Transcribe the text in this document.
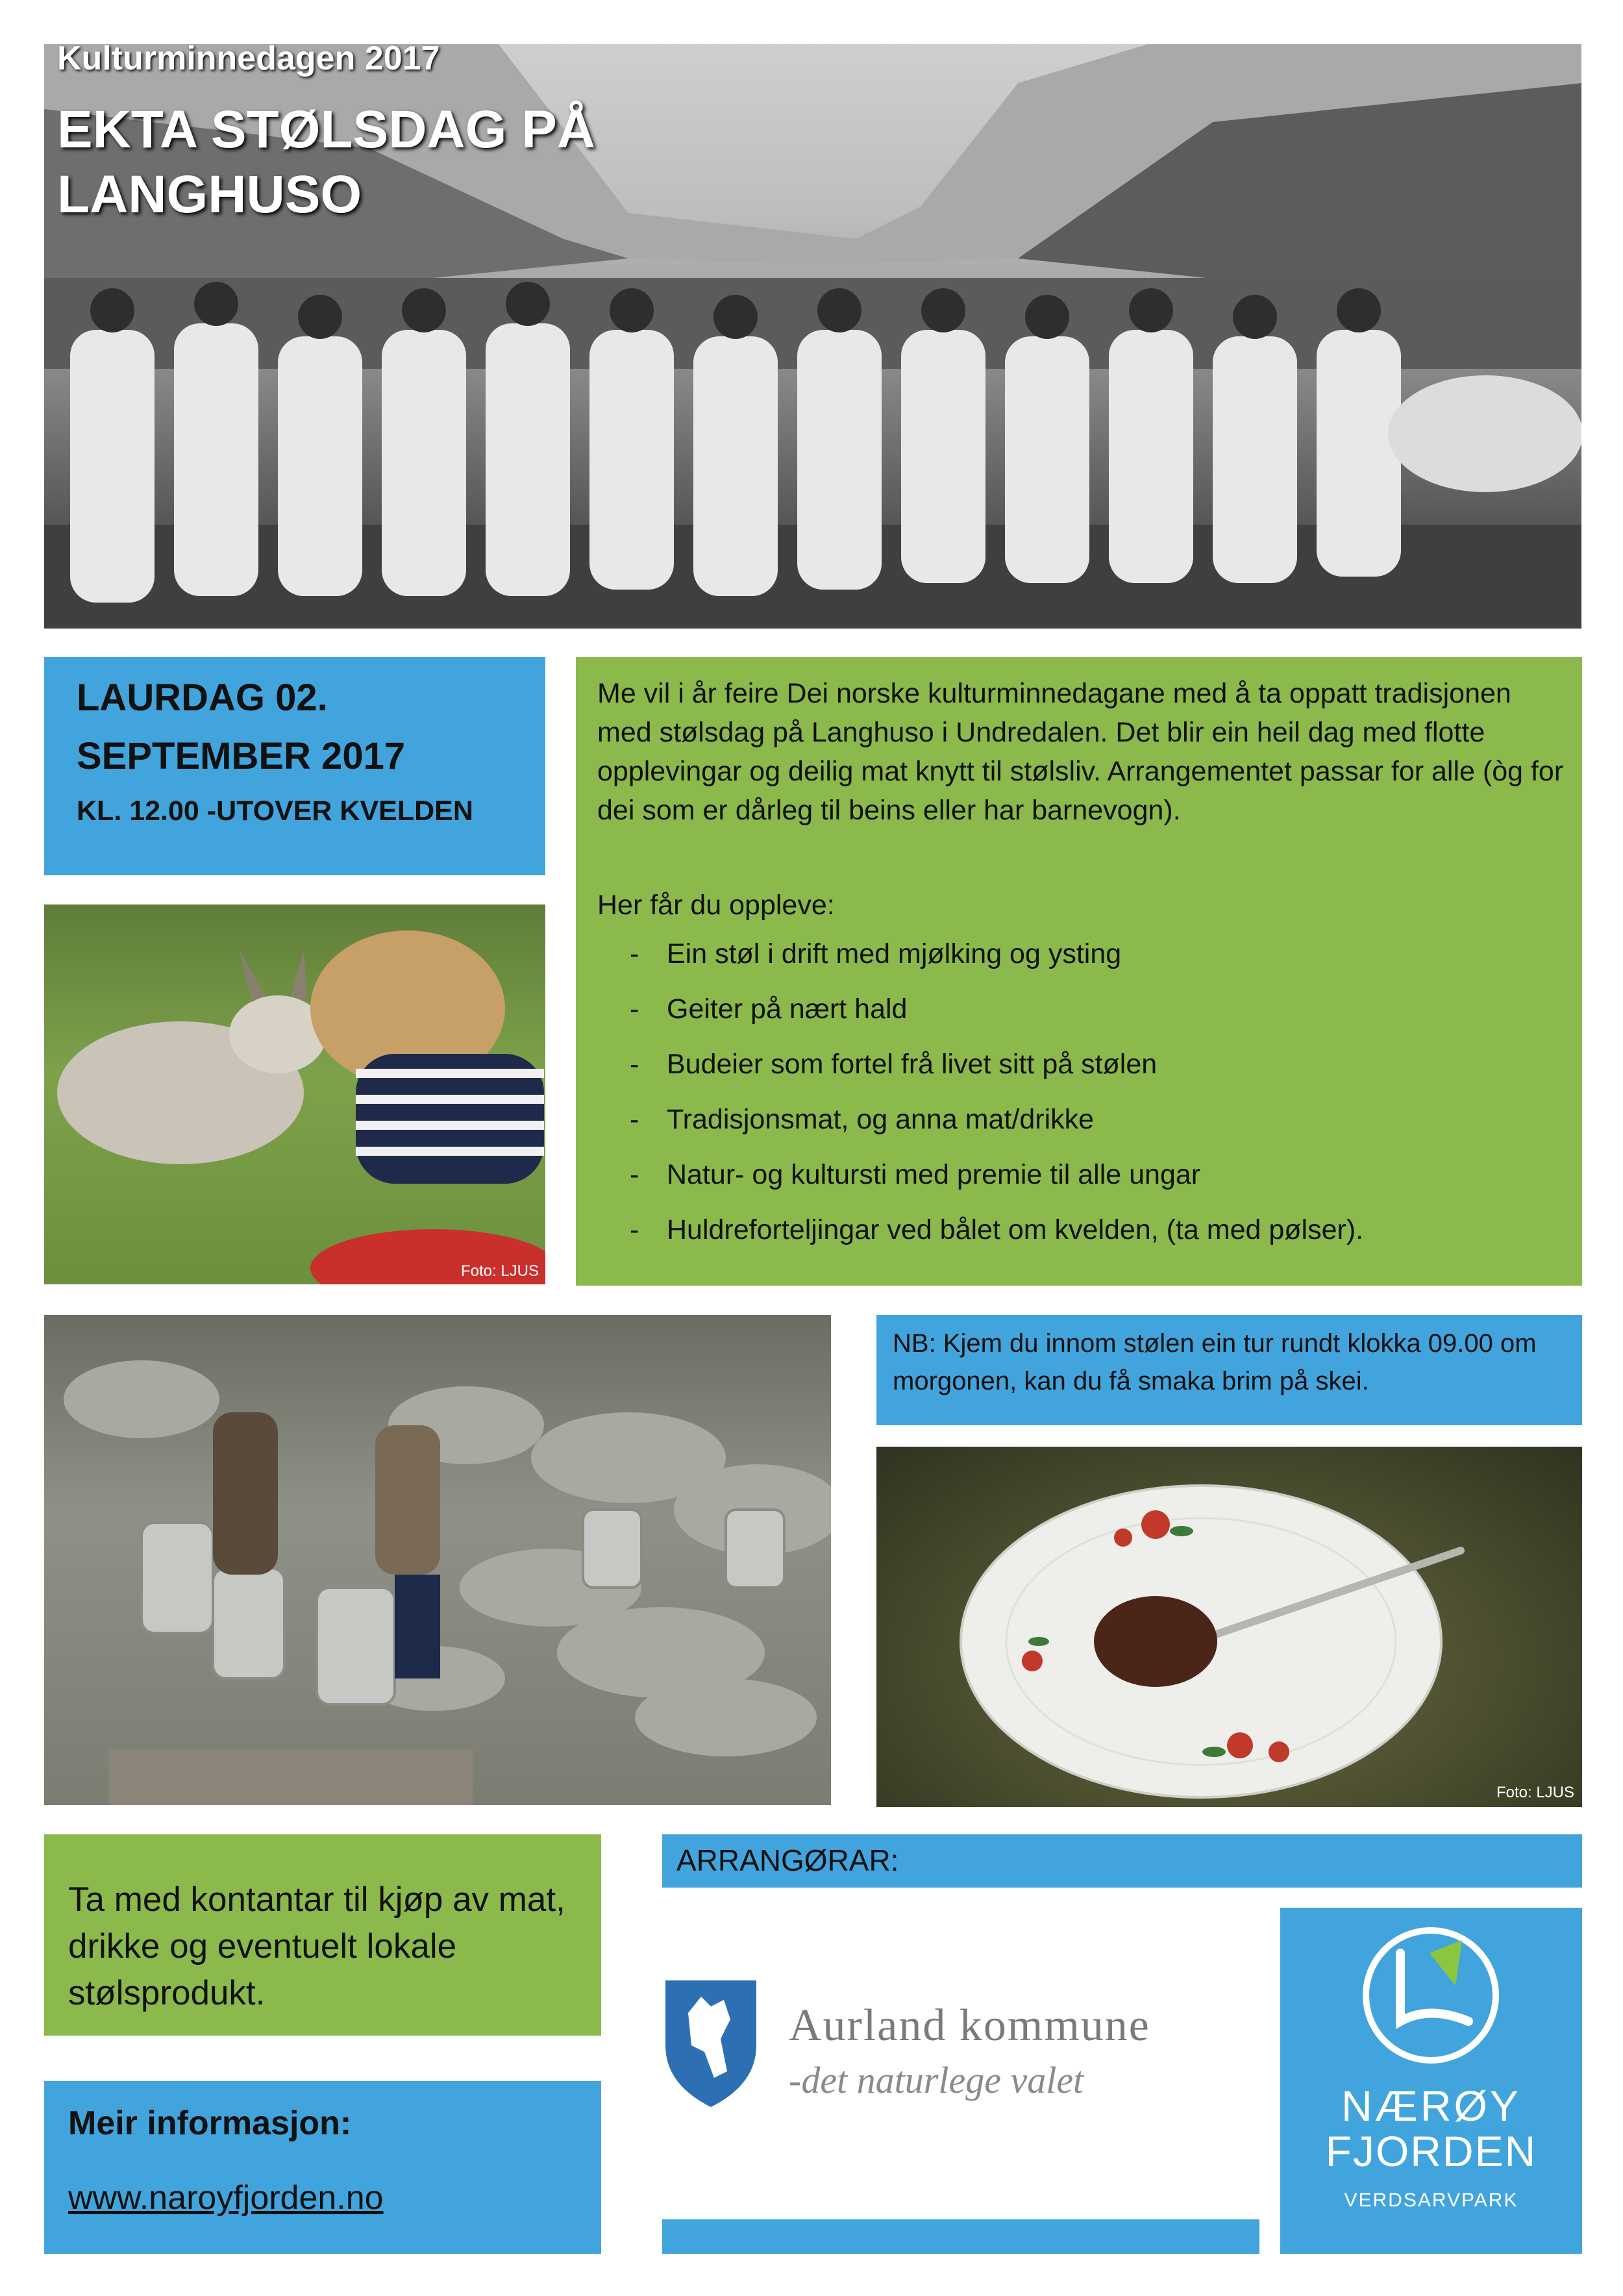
Kulturminnedagen 2017
EKTA STØLSDAG PÅ LANGHUSO
LAURDAG 02. SEPTEMBER 2017
KL. 12.00 -UTOVER KVELDEN
Me vil i år feire Dei norske kulturminnedagane med å ta oppatt tradisjonen med stølsdag på Langhuso i Undredalen. Det blir ein heil dag med flotte opplevingar og deilig mat knytt til stølsliv. Arrangementet passar for alle (òg for dei som er dårleg til beins eller har barnevogn).
Her får du oppleve:
- Ein støl i drift med mjølking og ysting
- Geiter på nært hald
- Budeier som fortel frå livet sitt på stølen
- Tradisjonsmat, og anna mat/drikke
- Natur- og kultursti med premie til alle ungar
- Huldreforteljingar ved bålet om kvelden, (ta med pølser).
Foto: LJUS
NB: Kjem du innom stølen ein tur rundt klokka 09.00 om morgonen, kan du få smaka brim på skei.
Foto: LJUS
Ta med kontantar til kjøp av mat, drikke og eventuelt lokale stølsprodukt.
Meir informasjon:
www.naroyfjorden.no
ARRANGØRAR:
Aurland kommune
-det naturlege valet
NÆRØY
FJORDEN
VERDSARVPARK
